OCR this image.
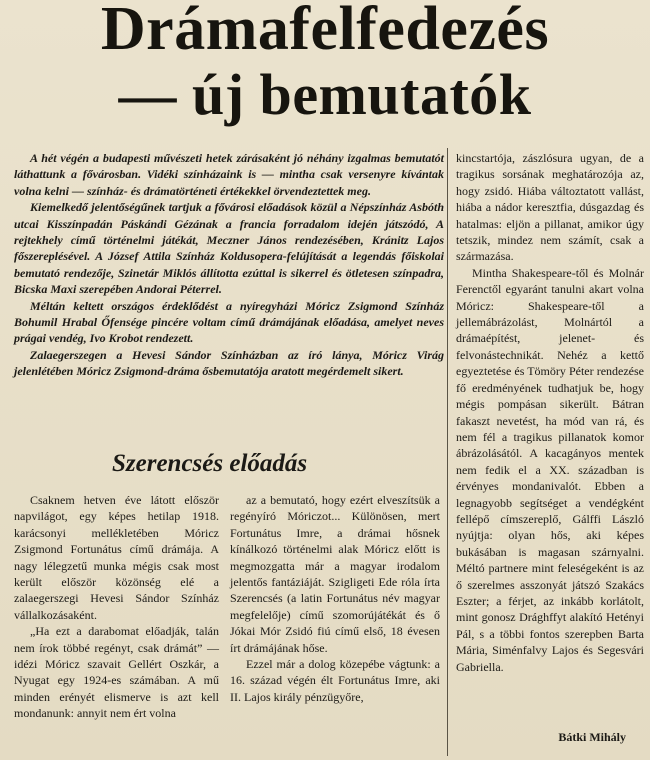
Drámafelfedezés
— új bemutatók

A hét végén a budapesti művészeti hetek zárásaként jó néhány izgalmas bemutatót láthattunk a fővárosban. Vidéki színházaink is — mintha csak versenyre kívántak volna kelni — színház- és drámatörténeti értékekkel örvendeztettek meg.

Kiemelkedő jelentőségűnek tartjuk a fővárosi előadások közül a Népszínház Asbóth utcai Kisszínpadán Páskándi Gézának a francia forradalom idején játszódó, A rejtekhely című történelmi játékát, Meczner János rendezésében, Kránitz Lajos főszereplésével. A József Attila Színház Koldusopera-felújítását a legendás főiskolai bemutató rendezője, Szinetár Miklós állította ezúttal is sikerrel és ötletesen színpadra, Bicska Maxi szerepében Andorai Péterrel.

Méltán keltett országos érdeklődést a nyíregyházi Móricz Zsigmond Színház Bohumil Hrabal Őfensége pincére voltam című drámájának előadása, amelyet neves prágai vendég, Ivo Krobot rendezett.

Zalaegerszegen a Hevesi Sándor Színházban az író lánya, Móricz Virág jelenlétében Móricz Zsigmond-dráma ősbemutatója aratott megérdemelt sikert.

Szerencsés előadás

Csaknem hetven éve látott először napvilágot, egy képes hetilap 1918. karácsonyi mellékletében Móricz Zsigmond Fortunátus című drámája. A nagy lélegzetű munka mégis csak most került először közönség elé a zalaegerszegi Hevesi Sándor Színház vállalkozásaként.

„Ha ezt a darabomat előadják, talán nem írok többé regényt, csak drámát” — idézi Móricz szavait Gellért Oszkár, a Nyugat egy 1924-es számában. A mű minden erényét elismerve is azt kell mondanunk: annyit nem ért volna

az a bemutató, hogy ezért elveszítsük a regényíró Móriczot... Különösen, mert Fortunátus Imre, a drámai hősnek kínálkozó történelmi alak Móricz előtt is megmozgatta már a magyar irodalom jelentős fantáziáját. Szigligeti Ede róla írta Szerencsés (a latin Fortunátus név magyar megfelelője) című szomorújátékát és ő Jókai Mór Zsidó fiú című első, 18 évesen írt drámájának hőse.

Ezzel már a dolog közepébe vágtunk: a 16. század végén élt Fortunátus Imre, aki II. Lajos király pénzügyőre,

kincstartója, zászlósura ugyan, de a tragikus sorsának meghatározója az, hogy zsidó. Hiába változtatott vallást, hiába a nádor keresztfia, dúsgazdag és hatalmas: eljön a pillanat, amikor úgy tetszik, mindez nem számít, csak a származása.

Mintha Shakespeare-től és Molnár Ferenctől egyaránt tanulni akart volna Móricz: Shakespeare-től a jellemábrázolást, Molnártól a drámaépítést, jelenet- és felvonástechnikát. Nehéz a kettő egyeztetése és Tömöry Péter rendezése fő eredményének tudhatjuk be, hogy mégis pompásan sikerült. Bátran fakaszt nevetést, ha mód van rá, és nem fél a tragikus pillanatok komor ábrázolásától. A kacagányos mentek nem fedik el a XX. században is érvényes mondanivalót. Ebben a legnagyobb segítséget a vendégként fellépő címszereplő, Gálffi László nyújtja: olyan hős, aki képes bukásában is magasan szárnyalni. Méltó partnere mint feleségeként is az ő szerelmes asszonyát játszó Szakács Eszter; a férjet, az inkább korlátolt, mint gonosz Drághffyt alakító Hetényi Pál, s a többi fontos szerepben Barta Mária, Siménfalvy Lajos és Segesvári Gabriella.

Bátki Mihály
